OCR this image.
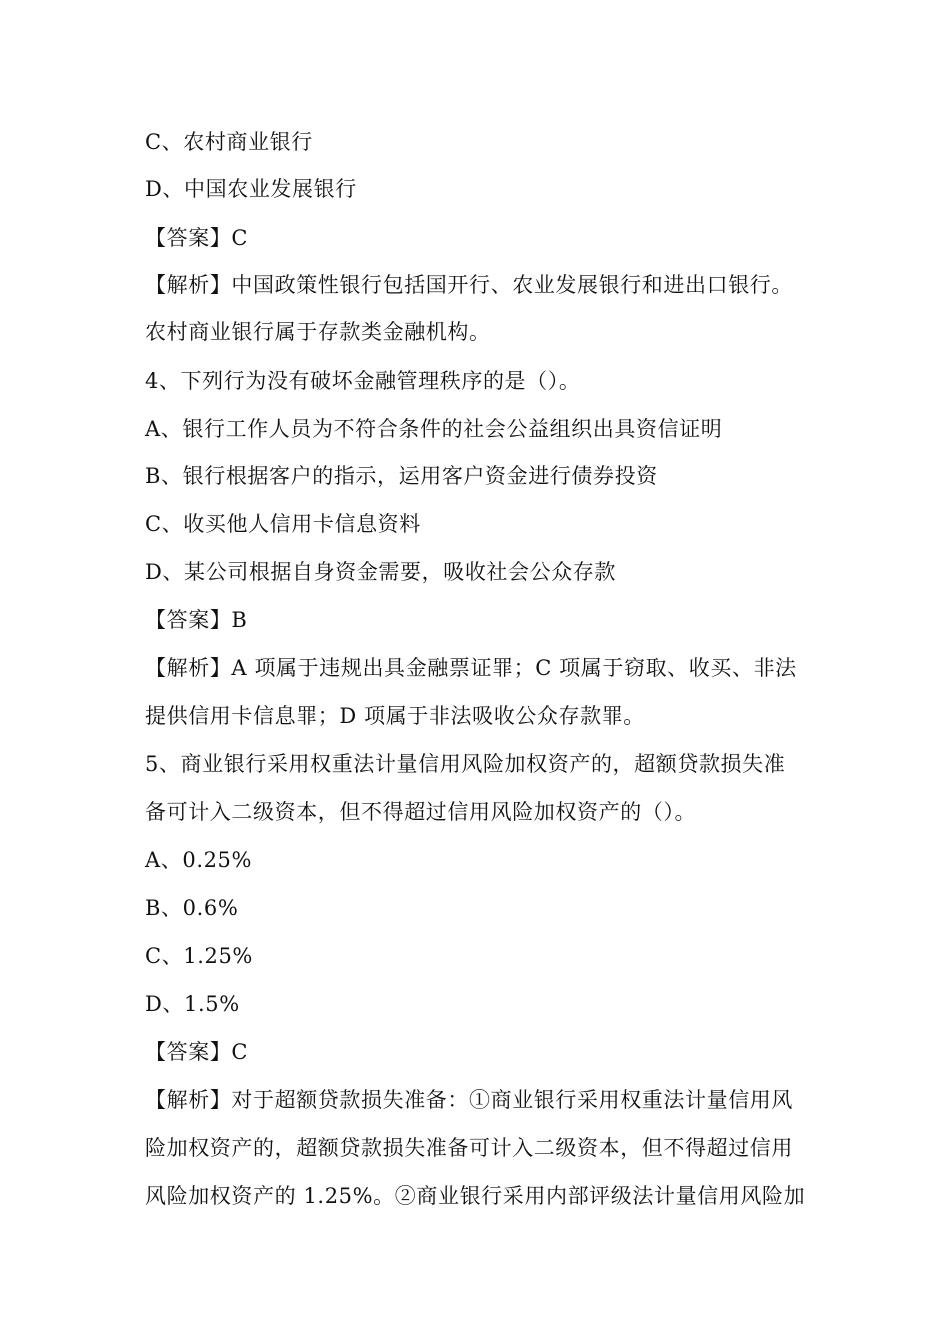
C、农村商业银行
D、中国农业发展银行
【答案】C
【解析】中国政策性银行包括国开行、农业发展银行和进出口银行。
农村商业银行属于存款类金融机构。
4、下列行为没有破坏金融管理秩序的是（）。
A、银行工作人员为不符合条件的社会公益组织出具资信证明
B、银行根据客户的指示，运用客户资金进行债券投资
C、收买他人信用卡信息资料
D、某公司根据自身资金需要，吸收社会公众存款
【答案】B
【解析】A 项属于违规出具金融票证罪；C 项属于窃取、收买、非法
提供信用卡信息罪；D 项属于非法吸收公众存款罪。
5、商业银行采用权重法计量信用风险加权资产的，超额贷款损失准
备可计入二级资本，但不得超过信用风险加权资产的（）。
A、0.25%
B、0.6%
C、1.25%
D、1.5%
【答案】C
【解析】对于超额贷款损失准备：①商业银行采用权重法计量信用风
险加权资产的，超额贷款损失准备可计入二级资本，但不得超过信用
风险加权资产的 1.25%。②商业银行采用内部评级法计量信用风险加
